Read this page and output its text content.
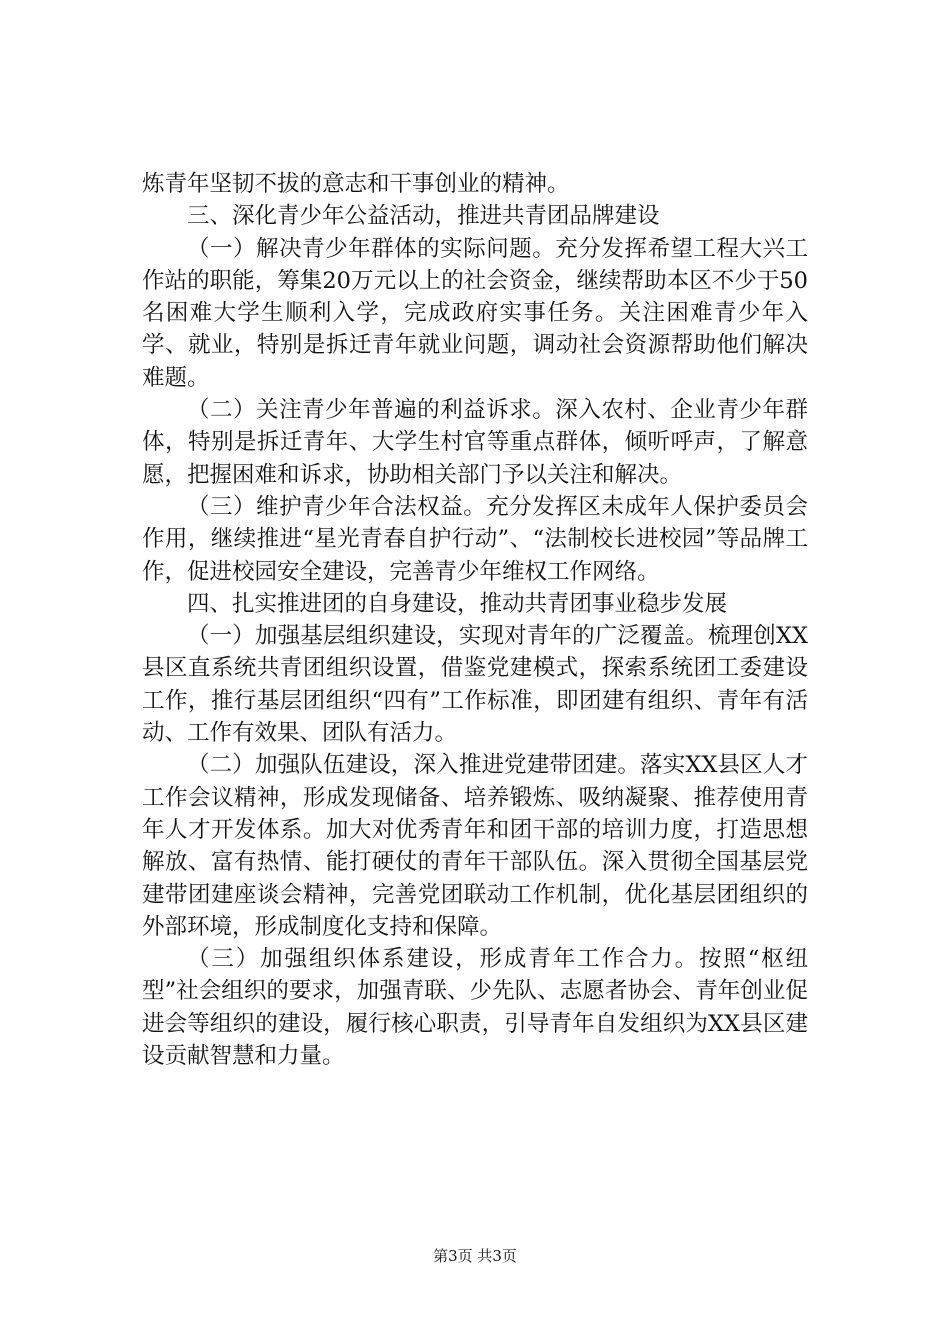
炼青年坚韧不拔的意志和干事创业的精神。

三、深化青少年公益活动，推进共青团品牌建设

（一）解决青少年群体的实际问题。充分发挥希望工程大兴工作站的职能，筹集20万元以上的社会资金，继续帮助本区不少于50名困难大学生顺利入学，完成政府实事任务。关注困难青少年入学、就业，特别是拆迁青年就业问题，调动社会资源帮助他们解决难题。

（二）关注青少年普遍的利益诉求。深入农村、企业青少年群体，特别是拆迁青年、大学生村官等重点群体，倾听呼声，了解意愿，把握困难和诉求，协助相关部门予以关注和解决。

（三）维护青少年合法权益。充分发挥区未成年人保护委员会作用，继续推进“星光青春自护行动”、“法制校长进校园”等品牌工作，促进校园安全建设，完善青少年维权工作网络。

四、扎实推进团的自身建设，推动共青团事业稳步发展

（一）加强基层组织建设，实现对青年的广泛覆盖。梳理创XX县区直系统共青团组织设置，借鉴党建模式，探索系统团工委建设工作，推行基层团组织“四有”工作标准，即团建有组织、青年有活动、工作有效果、团队有活力。

（二）加强队伍建设，深入推进党建带团建。落实XX县区人才工作会议精神，形成发现储备、培养锻炼、吸纳凝聚、推荐使用青年人才开发体系。加大对优秀青年和团干部的培训力度，打造思想解放、富有热情、能打硬仗的青年干部队伍。深入贯彻全国基层党建带团建座谈会精神，完善党团联动工作机制，优化基层团组织的外部环境，形成制度化支持和保障。

（三）加强组织体系建设，形成青年工作合力。按照“枢纽型”社会组织的要求，加强青联、少先队、志愿者协会、青年创业促进会等组织的建设，履行核心职责，引导青年自发组织为XX县区建设贡献智慧和力量。

第3页 共3页
